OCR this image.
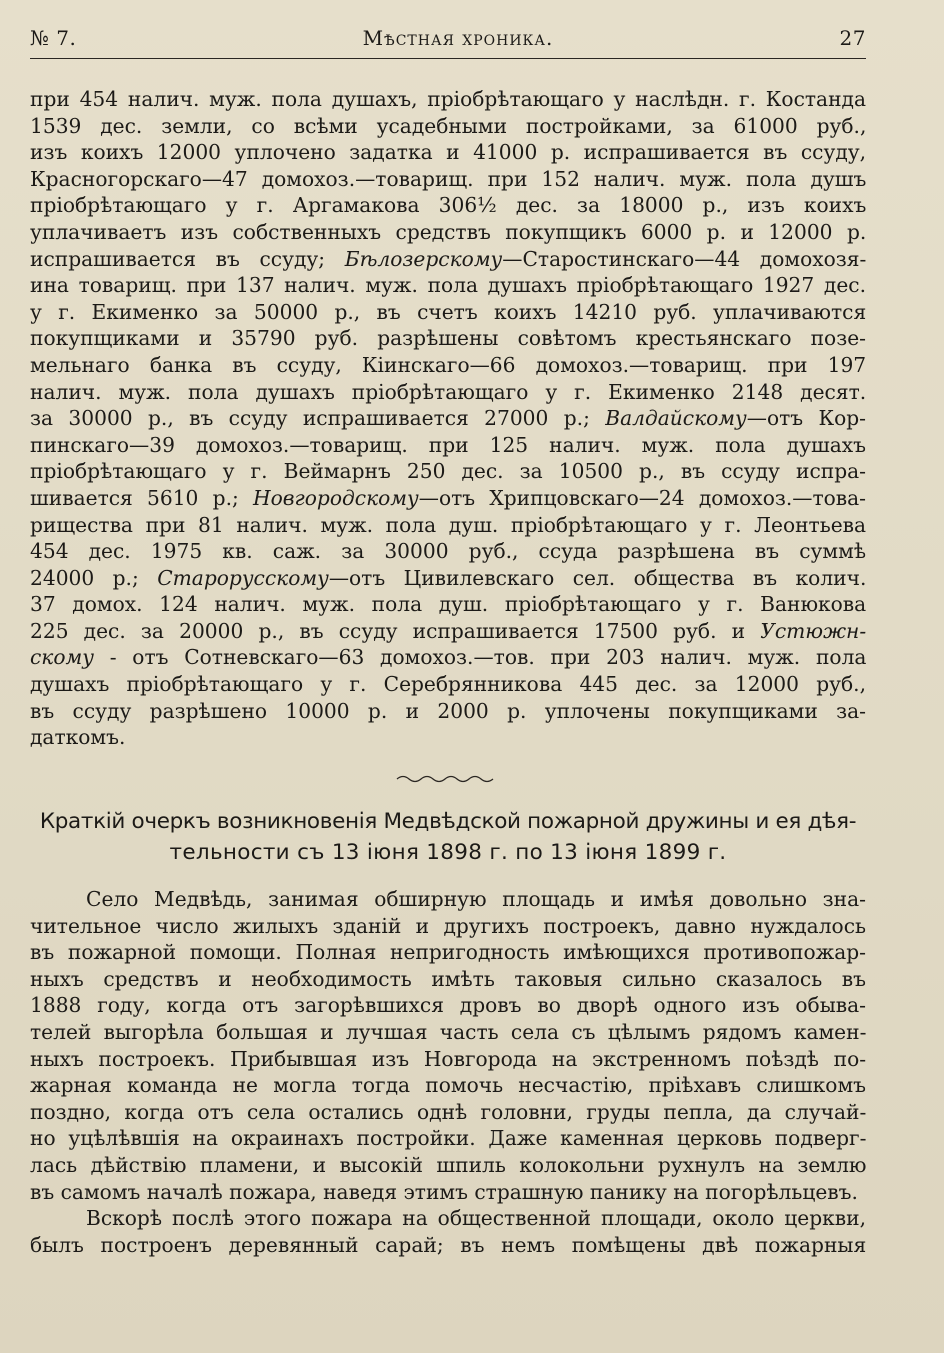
№ 7.	Мѣстная хроника.	27
при 454 налич. муж. пола душахъ, пріобрѣтающаго у наслѣдн. г. Костанда
1539 дес. земли, со всѣми усадебными постройками, за 61000 руб.,
изъ коихъ 12000 уплочено задатка и 41000 р. испрашивается въ ссуду,
Красногорскаго—47 домохоз.—товарищ. при 152 налич. муж. пола душъ
пріобрѣтающаго у г. Аргамакова 306½ дес. за 18000 р., изъ коихъ
уплачиваетъ изъ собственныхъ средствъ покупщикъ 6000 р. и 12000 р.
испрашивается въ ссуду; Бѣлозерскому—Старостинскаго—44 домохозя-
ина товарищ. при 137 налич. муж. пола душахъ пріобрѣтающаго 1927 дес.
у г. Екименко за 50000 р., въ счетъ коихъ 14210 руб. уплачиваются
покупщиками и 35790 руб. разрѣшены совѣтомъ крестьянскаго позе-
мельнаго банка въ ссуду, Кіинскаго—66 домохоз.—товарищ. при 197
налич. муж. пола душахъ пріобрѣтающаго у г. Екименко 2148 десят.
за 30000 р., въ ссуду испрашивается 27000 р.; Валдайскому—отъ Кор-
пинскаго—39 домохоз.—товарищ. при 125 налич. муж. пола душахъ
пріобрѣтающаго у г. Веймарнъ 250 дес. за 10500 р., въ ссуду испра-
шивается 5610 р.; Новгородскому—отъ Хрипцовскаго—24 домохоз.—това-
рищества при 81 налич. муж. пола душ. пріобрѣтающаго у г. Леонтьева
454 дес. 1975 кв. саж. за 30000 руб., ссуда разрѣшена въ суммѣ
24000 р.; Старорусскому—отъ Цивилевскаго сел. общества въ колич.
37 домох. 124 налич. муж. пола душ. пріобрѣтающаго у г. Ванюкова
225 дес. за 20000 р., въ ссуду испрашивается 17500 руб. и Устюжн-
скому - отъ Сотневскаго—63 домохоз.—тов. при 203 налич. муж. пола
душахъ пріобрѣтающаго у г. Серебрянникова 445 дес. за 12000 руб.,
въ ссуду разрѣшено 10000 р. и 2000 р. уплочены покупщиками за-
даткомъ.
Краткій очеркъ возникновенія Медвѣдской пожарной дружины и ея дѣя-
тельности съ 13 іюня 1898 г. по 13 іюня 1899 г.
Село Медвѣдь, занимая обширную площадь и имѣя довольно зна-
чительное число жилыхъ зданій и другихъ построекъ, давно нуждалось
въ пожарной помощи. Полная непригодность имѣющихся противопожар-
ныхъ средствъ и необходимость имѣть таковыя сильно сказалось въ
1888 году, когда отъ загорѣвшихся дровъ во дворѣ одного изъ обыва-
телей выгорѣла большая и лучшая часть села съ цѣлымъ рядомъ камен-
ныхъ построекъ. Прибывшая изъ Новгорода на экстренномъ поѣздѣ по-
жарная команда не могла тогда помочь несчастію, пріѣхавъ слишкомъ
поздно, когда отъ села остались однѣ головни, груды пепла, да случай-
но уцѣлѣвшія на окраинахъ постройки. Даже каменная церковь подверг-
лась дѣйствію пламени, и высокій шпиль колокольни рухнулъ на землю
въ самомъ началѣ пожара, наведя этимъ страшную панику на погорѣльцевъ.
Вскорѣ послѣ этого пожара на общественной площади, около церкви,
былъ построенъ деревянный сарай; въ немъ помѣщены двѣ пожарныя
